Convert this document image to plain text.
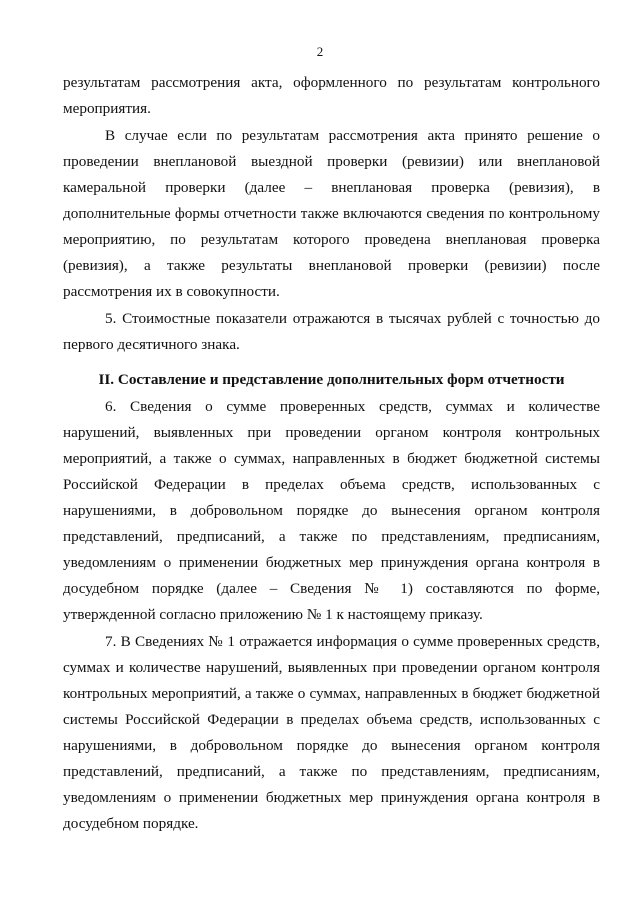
2

результатам рассмотрения акта, оформленного по результатам контрольного мероприятия.

В случае если по результатам рассмотрения акта принято решение о проведении внеплановой выездной проверки (ревизии) или внеплановой камеральной проверки (далее – внеплановая проверка (ревизия), в дополнительные формы отчетности также включаются сведения по контрольному мероприятию, по результатам которого проведена внеплановая проверка (ревизия), а также результаты внеплановой проверки (ревизии) после рассмотрения их в совокупности.

5. Стоимостные показатели отражаются в тысячах рублей с точностью до первого десятичного знака.

II. Составление и представление дополнительных форм отчетности

6. Сведения о сумме проверенных средств, суммах и количестве нарушений, выявленных при проведении органом контроля контрольных мероприятий, а также о суммах, направленных в бюджет бюджетной системы Российской Федерации в пределах объема средств, использованных с нарушениями, в добровольном порядке до вынесения органом контроля представлений, предписаний, а также по представлениям, предписаниям, уведомлениям о применении бюджетных мер принуждения органа контроля в досудебном порядке (далее – Сведения № 1) составляются по форме, утвержденной согласно приложению № 1 к настоящему приказу.

7. В Сведениях № 1 отражается информация о сумме проверенных средств, суммах и количестве нарушений, выявленных при проведении органом контроля контрольных мероприятий, а также о суммах, направленных в бюджет бюджетной системы Российской Федерации в пределах объема средств, использованных с нарушениями, в добровольном порядке до вынесения органом контроля представлений, предписаний, а также по представлениям, предписаниям, уведомлениям о применении бюджетных мер принуждения органа контроля в досудебном порядке.
